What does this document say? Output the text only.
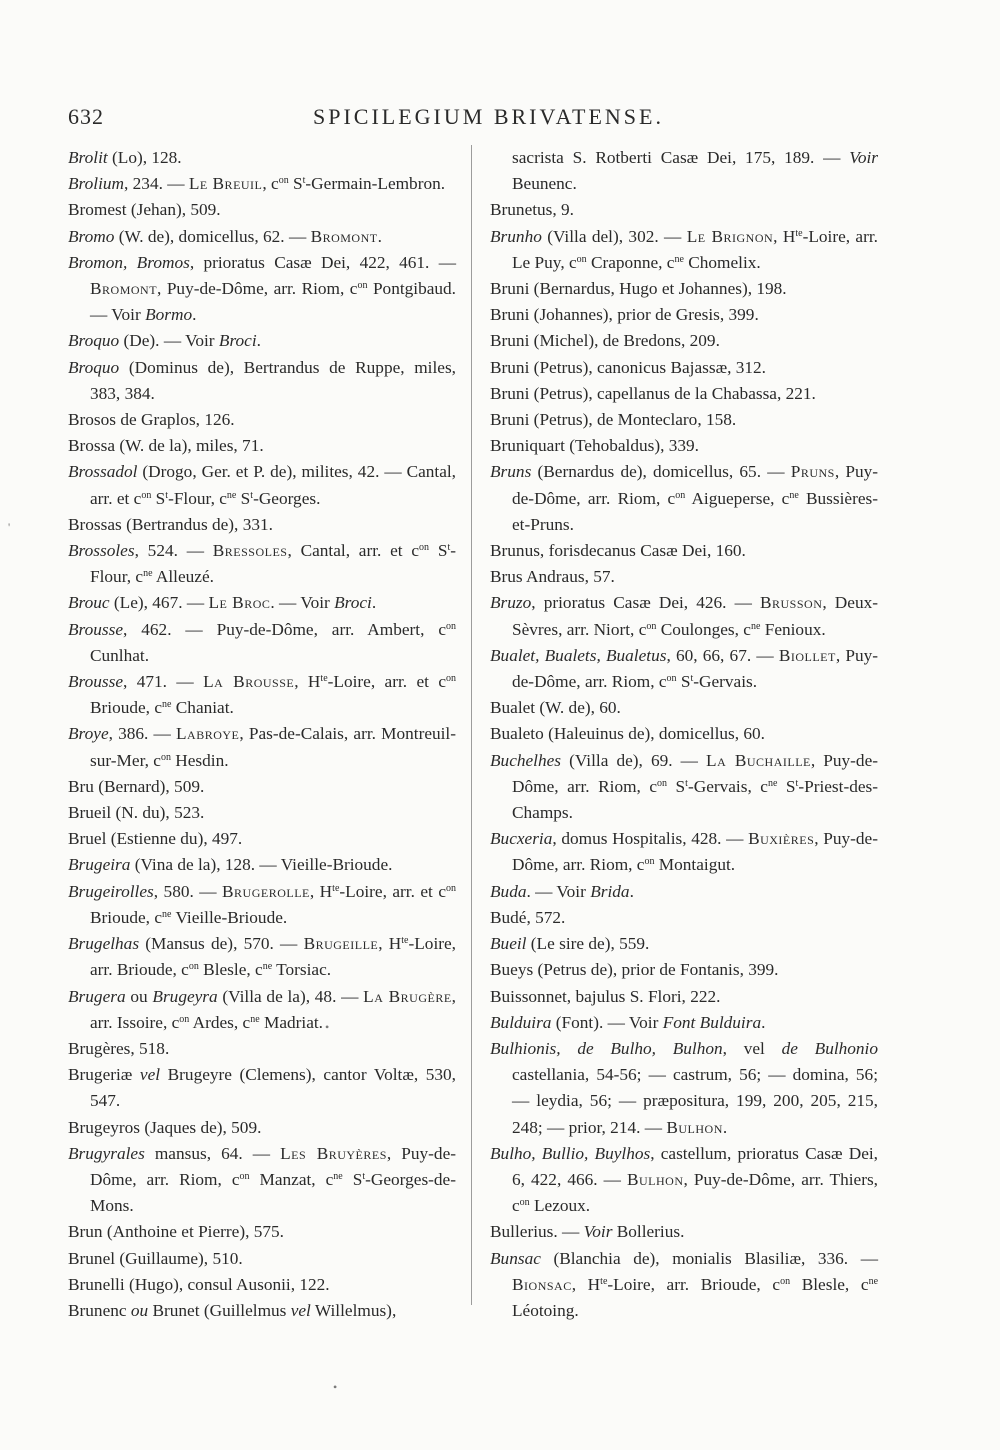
632	SPICILEGIUM BRIVATENSE.
'
•
•

Brolit (Lo), 128.

Brolium, 234. — Le Breuil, $c^{on}$ $S^t-Germain$-Lembron.

Bromest (Jehan), 509.

Bromo (W. de), domicellus, 62. — Bromont.

Bromon, Bromos, prioratus Casæ Dei, 422, 461. — Bromont, Puy-de-Dôme, arr. Riom, $c^{on}$ Pontgibaud. — Voir Bormo.

Broquo (De). — Voir Broci.

Broquo (Dominus de), Bertrandus de Ruppe, miles, 383, 384.

Brosos de Graplos, 126.

Brossa (W. de la), miles, 71.

Brossadol (Drogo, Ger. et P. de), milites, 42. — Cantal, arr. et $c^{on}$ $S^t$-Flour, $c^{ne}$ $S^t$-Georges.

Brossas (Bertrandus de), 331.

Brossoles, 524. — Bressoles, Cantal, arr. et $c^{on}$ $S^t$-Flour, $c^{ne}$ Alleuzé.

Brouc (Le), 467. — Le Broc. — Voir Broci.

Brousse, 462. — Puy-de-Dôme, arr. Ambert, $c^{on}$ Cunlhat.

Brousse, 471. — La Brousse, $H^{te}$-Loire, arr. et $c^{on}$ Brioude, $c^{ne}$ Chaniat.

Broye, 386. — Labroye, Pas-de-Calais, arr. Montreuil-sur-Mer, $c^{on}$ Hesdin.

Bru (Bernard), 509.

Brueil (N. du), 523.

Bruel (Estienne du), 497.

Brugeira (Vina de la), 128. — Vieille-Brioude.

Brugeirolles, 580. — Brugerolle, $H^{te}$-Loire, arr. et $c^{on}$ Brioude, $c^{ne}$ Vieille-Brioude.

Brugelhas (Mansus de), 570. — Brugeille, $H^{te}$-Loire, arr. Brioude, $c^{on}$ Blesle, $c^{ne}$ Torsiac.

Brugera ou Brugeyra (Villa de la), 48. — La Brugère, arr. Issoire, $c^{on}$ Ardes, $c^{ne}$ Madriat.

Brugères, 518.

Brugeriæ vel Brugeyre (Clemens), cantor Voltæ, 530, 547.

Brugeyros (Jaques de), 509.

Brugyrales mansus, 64. — Les Bruyères, Puy-de-Dôme, arr. Riom, $c^{on}$ Manzat, $c^{ne}$ $S^t-Georges-de$-Mons.

Brun (Anthoine et Pierre), 575.

Brunel (Guillaume), 510.

Brunelli (Hugo), consul Ausonii, 122.

Brunenc ou Brunet (Guillelmus vel Willelmus),

sacrista S. Rotberti Casæ Dei, 175, 189. — Voir Beunenc.

Brunetus, 9.

Brunho (Villa del), 302. — Le Brignon, $H^{te}$-Loire, arr. Le Puy, $c^{on}$ Craponne, $c^{ne}$ Chomelix.

Bruni (Bernardus, Hugo et Johannes), 198.

Bruni (Johannes), prior de Gresis, 399.

Bruni (Michel), de Bredons, 209.

Bruni (Petrus), canonicus Bajassæ, 312.

Bruni (Petrus), capellanus de la Chabassa, 221.

Bruni (Petrus), de Monteclaro, 158.

Bruniquart (Tehobaldus), 339.

Bruns (Bernardus de), domicellus, 65. — Pruns, Puy-de-Dôme, arr. Riom, $c^{on}$ Aigueperse, $c^{ne}$ Bussières-et-Pruns.

Brunus, forisdecanus Casæ Dei, 160.

Brus Andraus, 57.

Bruzo, prioratus Casæ Dei, 426. — Brusson, Deux-Sèvres, arr. Niort, $c^{on}$ Coulonges, $c^{ne}$ Fenioux.

Bualet, Bualets, Bualetus, 60, 66, 67. — Biollet, Puy-de-Dôme, arr. Riom, $c^{on}$ $S^t$-Gervais.

Bualet (W. de), 60.

Bualeto (Haleuinus de), domicellus, 60.

Buchelhes (Villa de), 69. — La Buchaille, Puy-de-Dôme, arr. Riom, $c^{on}$ $S^t$-Gervais, $c^{ne}$ $S^t-Priest-des$-Champs.

Bucxeria, domus Hospitalis, 428. — Buxières, Puy-de-Dôme, arr. Riom, $c^{on}$ Montaigut.

Buda. — Voir Brida.

Budé, 572.

Bueil (Le sire de), 559.

Bueys (Petrus de), prior de Fontanis, 399.

Buissonnet, bajulus S. Flori, 222.

Bulduira (Font). — Voir Font Bulduira.

Bulhionis, de Bulho, Bulhon, vel de Bulhonio castellania, 54-56; — castrum, 56; — domina, 56; — leydia, 56; — præpositura, 199, 200, 205, 215, 248; — prior, 214. — Bulhon.

Bulho, Bullio, Buylhos, castellum, prioratus Casæ Dei, 6, 422, 466. — Bulhon, Puy-de-Dôme, arr. Thiers, $c^{on}$ Lezoux.

Bullerius. — Voir Bollerius.

Bunsac (Blanchia de), monialis Blasiliæ, 336. — Bionsac, $H^{te}$-Loire, arr. Brioude, $c^{on}$ Blesle, $c^{ne}$ Léotoing.
